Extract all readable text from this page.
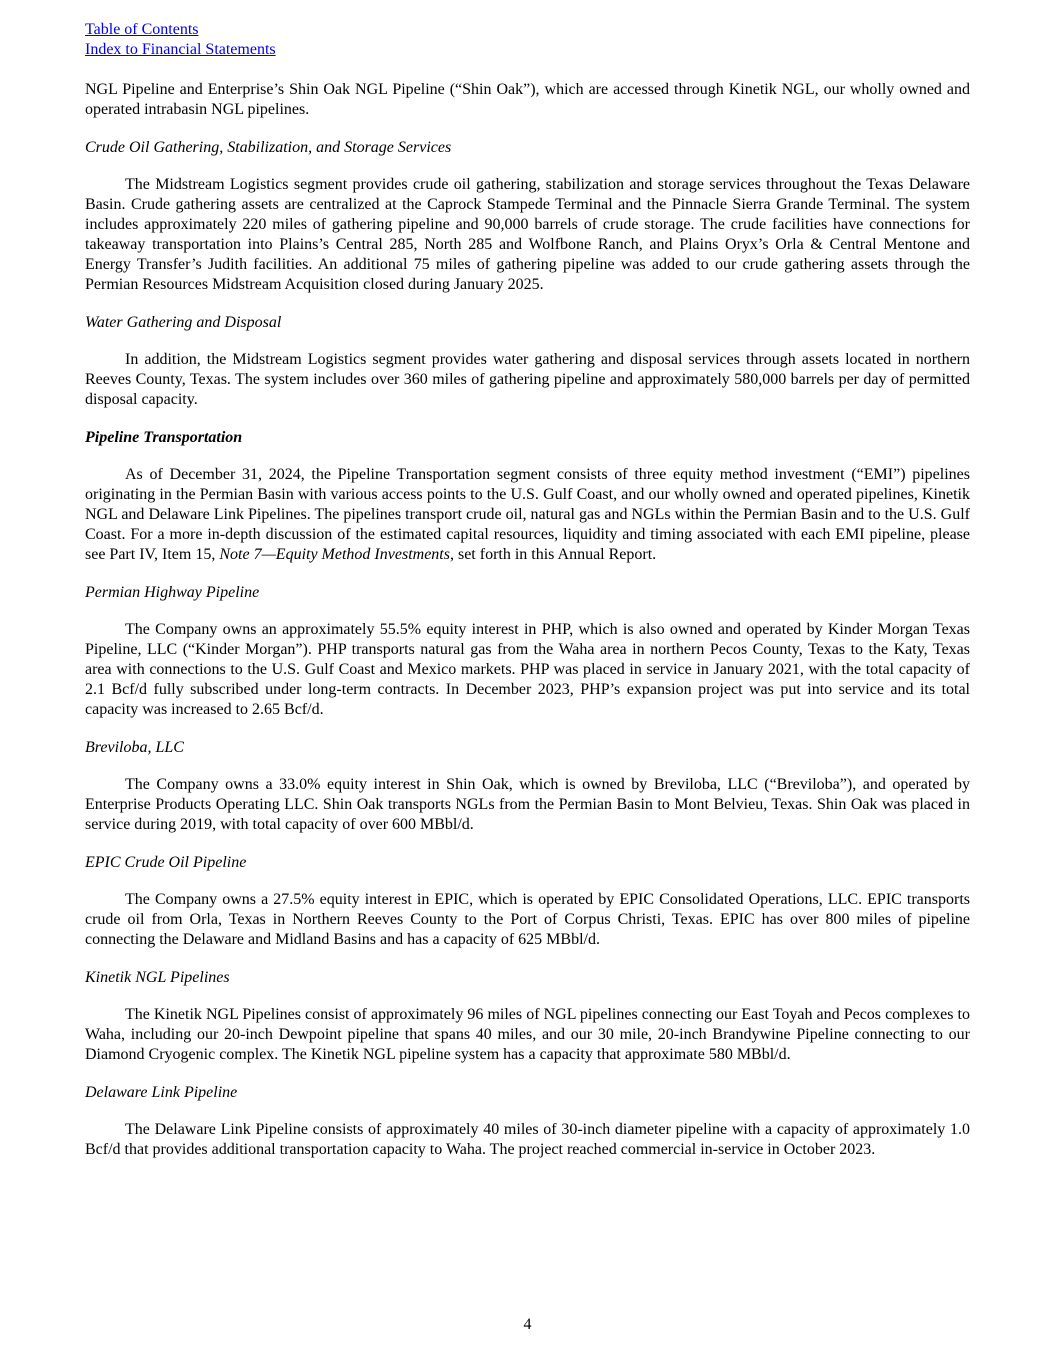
Table of Contents
Index to Financial Statements

NGL Pipeline and Enterprise’s Shin Oak NGL Pipeline (“Shin Oak”), which are accessed through Kinetik NGL, our wholly owned and operated intrabasin NGL pipelines.

Crude Oil Gathering, Stabilization, and Storage Services

The Midstream Logistics segment provides crude oil gathering, stabilization and storage services throughout the Texas Delaware Basin. Crude gathering assets are centralized at the Caprock Stampede Terminal and the Pinnacle Sierra Grande Terminal. The system includes approximately 220 miles of gathering pipeline and 90,000 barrels of crude storage. The crude facilities have connections for takeaway transportation into Plains’s Central 285, North 285 and Wolfbone Ranch, and Plains Oryx’s Orla & Central Mentone and Energy Transfer’s Judith facilities. An additional 75 miles of gathering pipeline was added to our crude gathering assets through the Permian Resources Midstream Acquisition closed during January 2025.

Water Gathering and Disposal

In addition, the Midstream Logistics segment provides water gathering and disposal services through assets located in northern Reeves County, Texas. The system includes over 360 miles of gathering pipeline and approximately 580,000 barrels per day of permitted disposal capacity.

Pipeline Transportation

As of December 31, 2024, the Pipeline Transportation segment consists of three equity method investment (“EMI”) pipelines originating in the Permian Basin with various access points to the U.S. Gulf Coast, and our wholly owned and operated pipelines, Kinetik NGL and Delaware Link Pipelines. The pipelines transport crude oil, natural gas and NGLs within the Permian Basin and to the U.S. Gulf Coast. For a more in-depth discussion of the estimated capital resources, liquidity and timing associated with each EMI pipeline, please see Part IV, Item 15, Note 7—Equity Method Investments, set forth in this Annual Report.

Permian Highway Pipeline

The Company owns an approximately 55.5% equity interest in PHP, which is also owned and operated by Kinder Morgan Texas Pipeline, LLC (“Kinder Morgan”). PHP transports natural gas from the Waha area in northern Pecos County, Texas to the Katy, Texas area with connections to the U.S. Gulf Coast and Mexico markets. PHP was placed in service in January 2021, with the total capacity of 2.1 Bcf/d fully subscribed under long-term contracts. In December 2023, PHP’s expansion project was put into service and its total capacity was increased to 2.65 Bcf/d.

Breviloba, LLC

The Company owns a 33.0% equity interest in Shin Oak, which is owned by Breviloba, LLC (“Breviloba”), and operated by Enterprise Products Operating LLC. Shin Oak transports NGLs from the Permian Basin to Mont Belvieu, Texas. Shin Oak was placed in service during 2019, with total capacity of over 600 MBbl/d.

EPIC Crude Oil Pipeline

The Company owns a 27.5% equity interest in EPIC, which is operated by EPIC Consolidated Operations, LLC. EPIC transports crude oil from Orla, Texas in Northern Reeves County to the Port of Corpus Christi, Texas. EPIC has over 800 miles of pipeline connecting the Delaware and Midland Basins and has a capacity of 625 MBbl/d.

Kinetik NGL Pipelines

The Kinetik NGL Pipelines consist of approximately 96 miles of NGL pipelines connecting our East Toyah and Pecos complexes to Waha, including our 20-inch Dewpoint pipeline that spans 40 miles, and our 30 mile, 20-inch Brandywine Pipeline connecting to our Diamond Cryogenic complex. The Kinetik NGL pipeline system has a capacity that approximate 580 MBbl/d.

Delaware Link Pipeline

The Delaware Link Pipeline consists of approximately 40 miles of 30-inch diameter pipeline with a capacity of approximately 1.0 Bcf/d that provides additional transportation capacity to Waha. The project reached commercial in-service in October 2023.

4
